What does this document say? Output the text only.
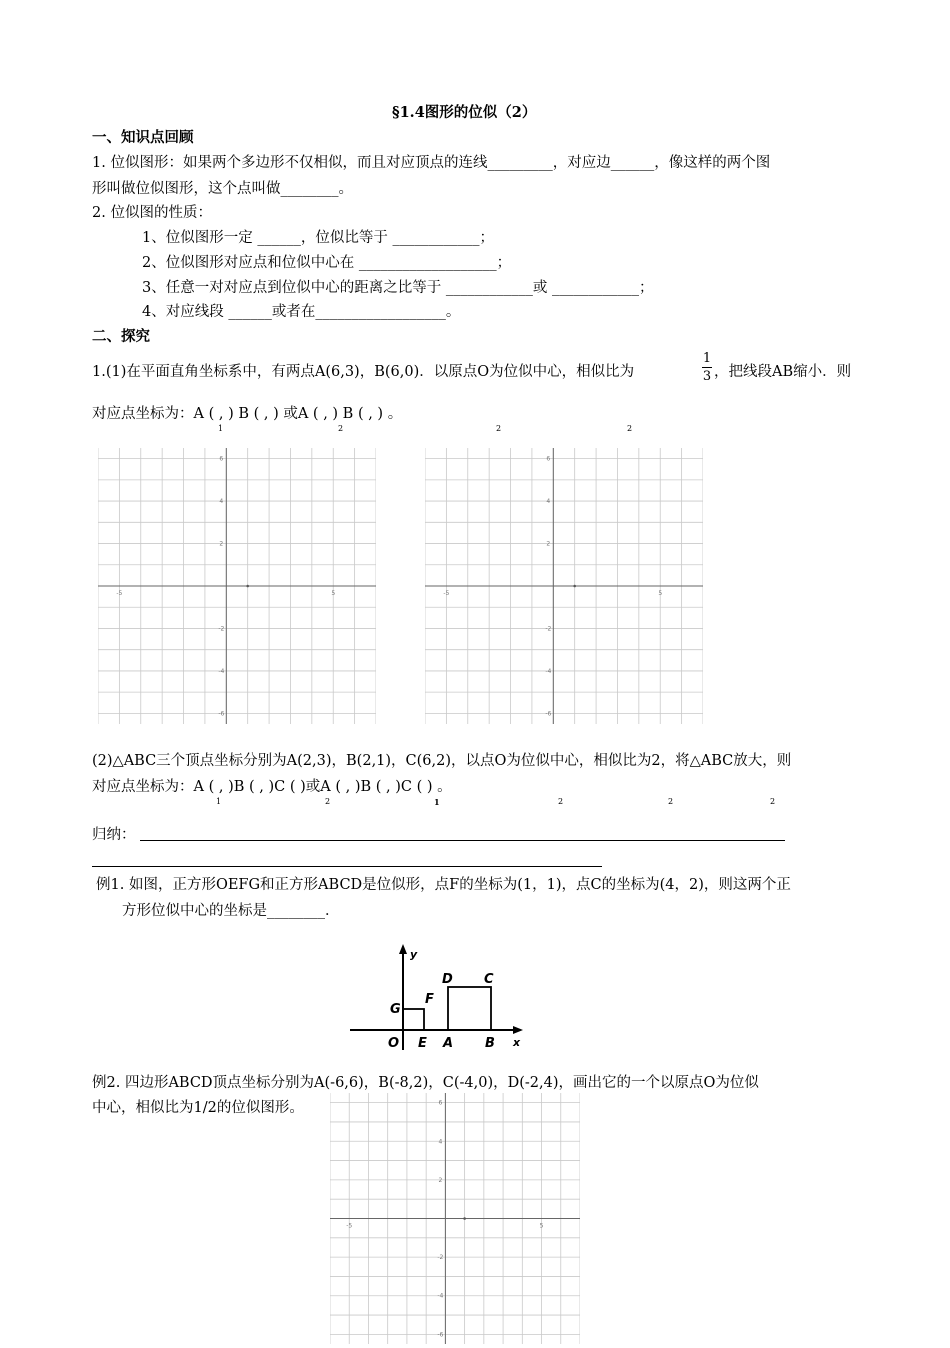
§1.4图形的位似（2）
一、知识点回顾
1. 位似图形：如果两个多边形不仅相似，而且对应顶点的连线_________，对应边______，像这样的两个图
形叫做位似图形，这个点叫做________。
2. 位似图的性质：
1、位似图形一定 ______，位似比等于 ____________；
2、位似图形对应点和位似中心在 ___________________；
3、任意一对对应点到位似中心的距离之比等于 ____________或 ____________；
4、对应线段 ______或者在__________________。
二、探究
1.(1)在平面直角坐标系中，有两点A(6,3)，B(6,0)．以原点O为位似中心，相似比为
1
3 ，把线段AB缩小．则
对应点坐标为：A ( , ) B ( , ) 或A ( , ) B ( , ) 。
1	2	2	2
-5	5
6
4
2
-2
-4
-6
-5	5
6
4
2
-2
-4
-6
(2)△ABC三个顶点坐标分别为A(2,3)，B(2,1)，C(6,2)，以点O为位似中心，相似比为2，将△ABC放大，则
对应点坐标为：A ( , )B ( , )C ( )或A ( , )B ( , )C ( ) 。
1	2	1	2	2	2
归纳：
例1. 如图，正方形OEFG和正方形ABCD是位似形，点F的坐标为(1，1)，点C的坐标为(4，2)，则这两个正
方形位似中心的坐标是________．
y
x
O E A B
G
F
D C
例2. 四边形ABCD顶点坐标分别为A(-6,6)，B(-8,2)，C(-4,0)，D(-2,4)，画出它的一个以原点O为位似
中心，相似比为1/2的位似图形。
-5	5
6
4
2
-2
-4
-6
